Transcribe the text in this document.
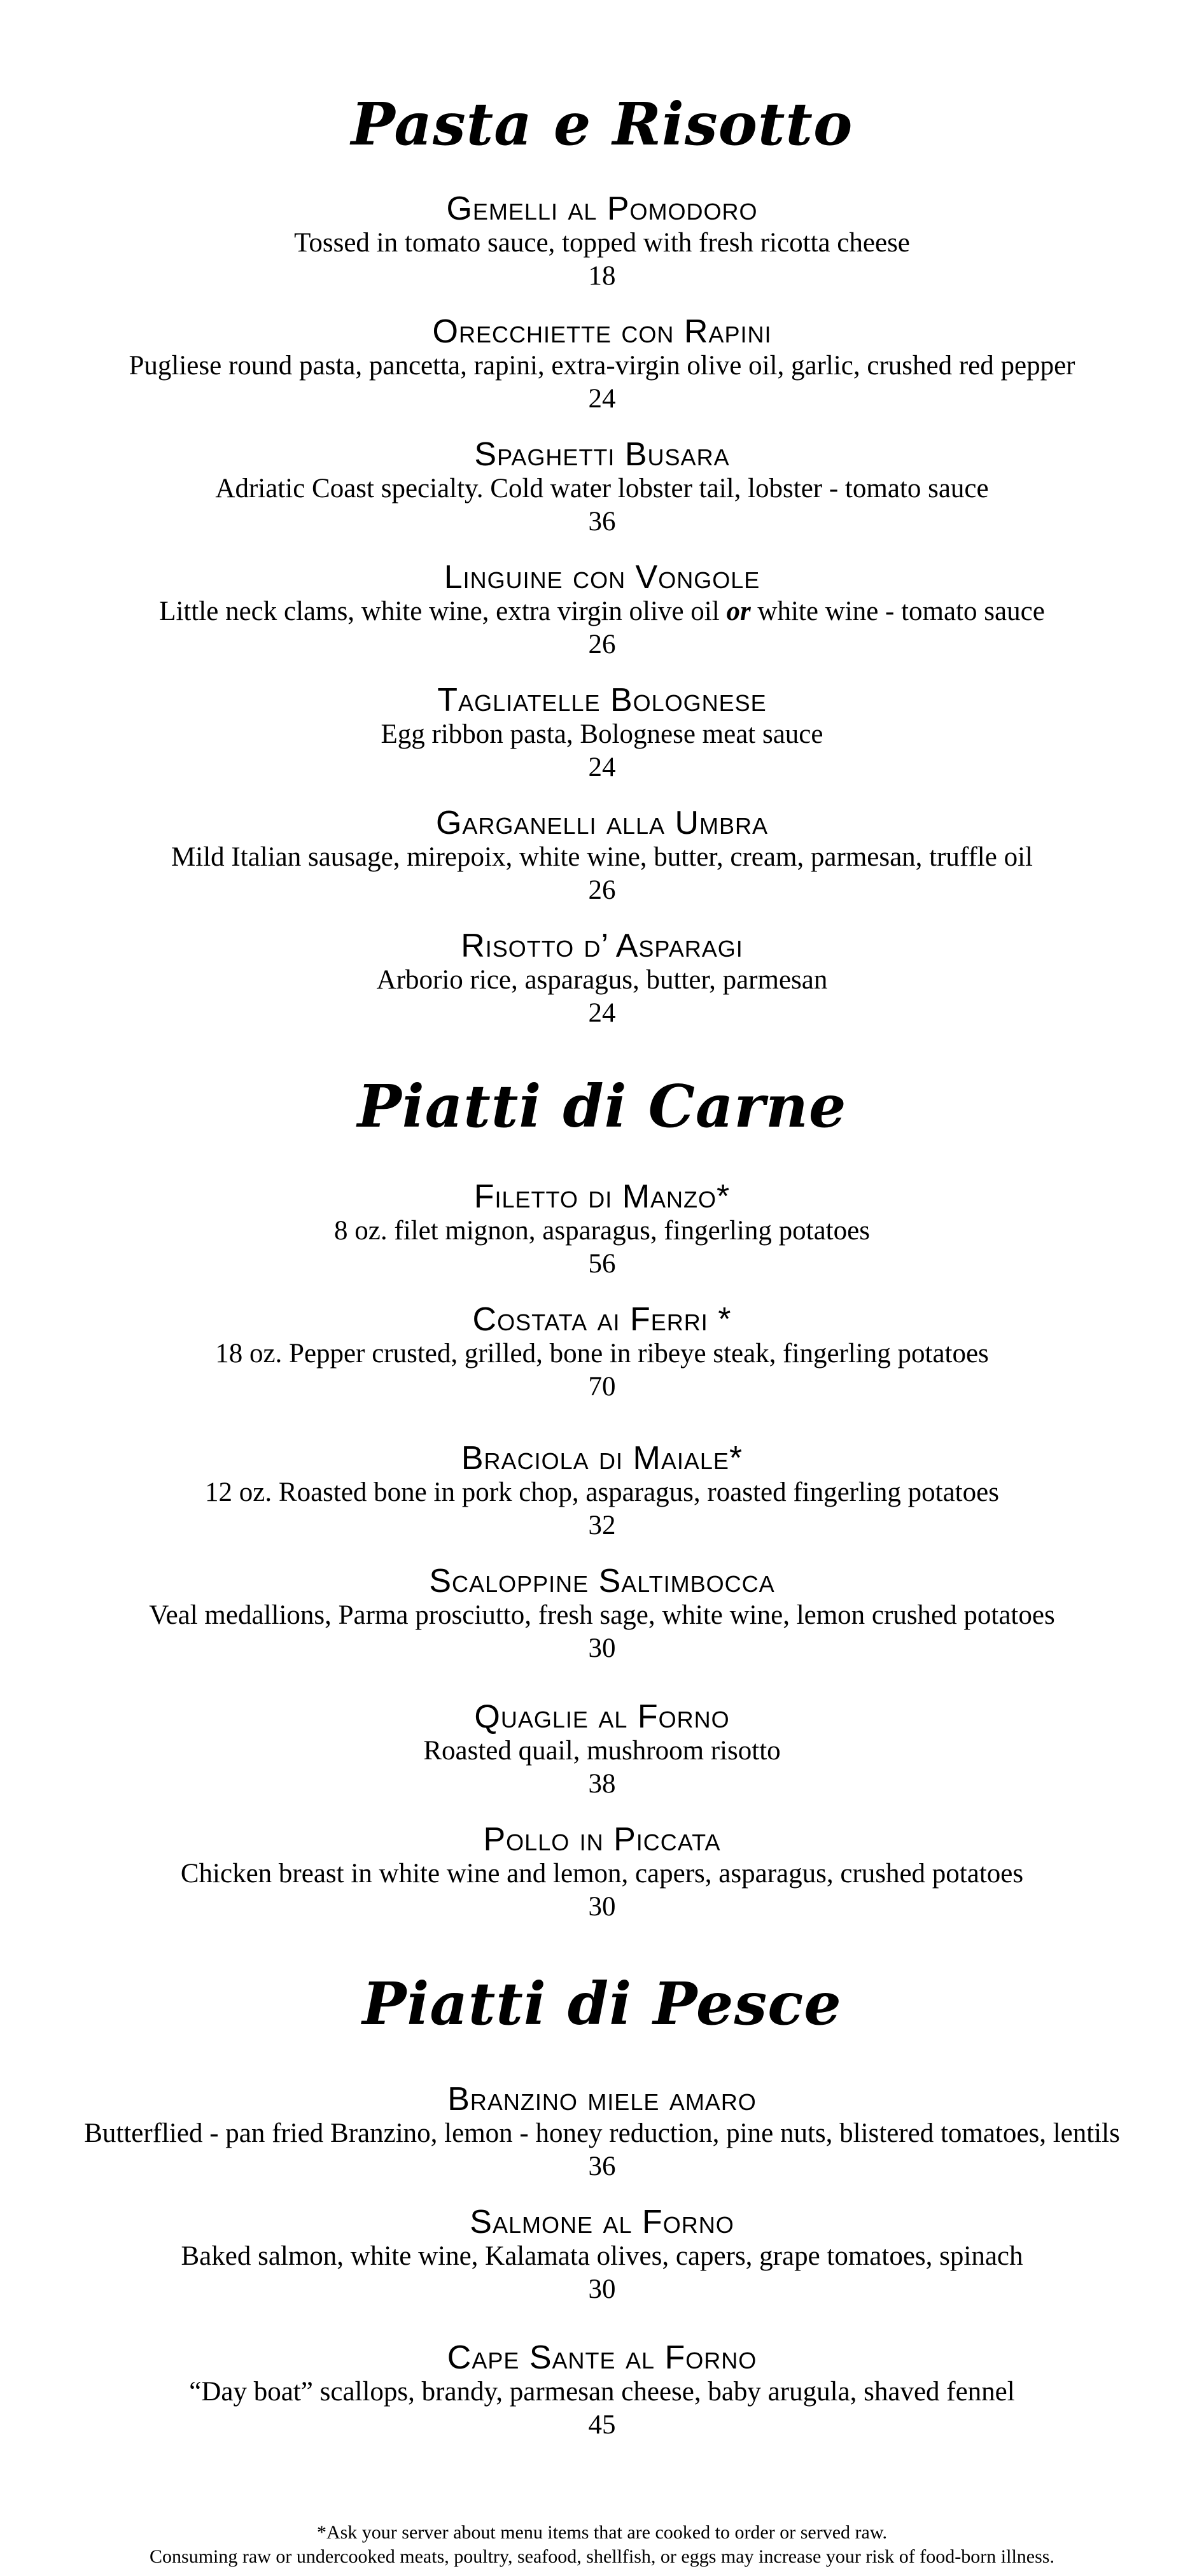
Pasta e Risotto
Gemelli al Pomodoro
Tossed in tomato sauce, topped with fresh ricotta cheese
18
Orecchiette con Rapini
Pugliese round pasta, pancetta, rapini, extra-virgin olive oil, garlic, crushed red pepper
24
Spaghetti Busara
Adriatic Coast specialty. Cold water lobster tail, lobster - tomato sauce
36
Linguine con Vongole
Little neck clams, white wine, extra virgin olive oil or white wine - tomato sauce
26
Tagliatelle Bolognese
Egg ribbon pasta, Bolognese meat sauce
24
Garganelli alla Umbra
Mild Italian sausage, mirepoix, white wine, butter, cream, parmesan, truffle oil
26
Risotto d’ Asparagi
Arborio rice, asparagus, butter, parmesan
24
Piatti di Carne
Filetto di Manzo*
8 oz. filet mignon, asparagus, fingerling potatoes
56
Costata ai Ferri *
18 oz. Pepper crusted, grilled, bone in ribeye steak, fingerling potatoes
70
Braciola di Maiale*
12 oz. Roasted bone in pork chop, asparagus, roasted fingerling potatoes
32
Scaloppine Saltimbocca
Veal medallions, Parma prosciutto, fresh sage, white wine, lemon crushed potatoes
30
Quaglie al Forno
Roasted quail, mushroom risotto
38
Pollo in Piccata
Chicken breast in white wine and lemon, capers, asparagus, crushed potatoes
30
Piatti di Pesce
Branzino miele amaro
Butterflied - pan fried Branzino, lemon - honey reduction, pine nuts, blistered tomatoes, lentils
36
Salmone al Forno
Baked salmon, white wine, Kalamata olives, capers, grape tomatoes, spinach
30
Cape Sante al Forno
“Day boat” scallops, brandy, parmesan cheese, baby arugula, shaved fennel
45
*Ask your server about menu items that are cooked to order or served raw.
Consuming raw or undercooked meats, poultry, seafood, shellfish, or eggs may increase your risk of food-born illness.
